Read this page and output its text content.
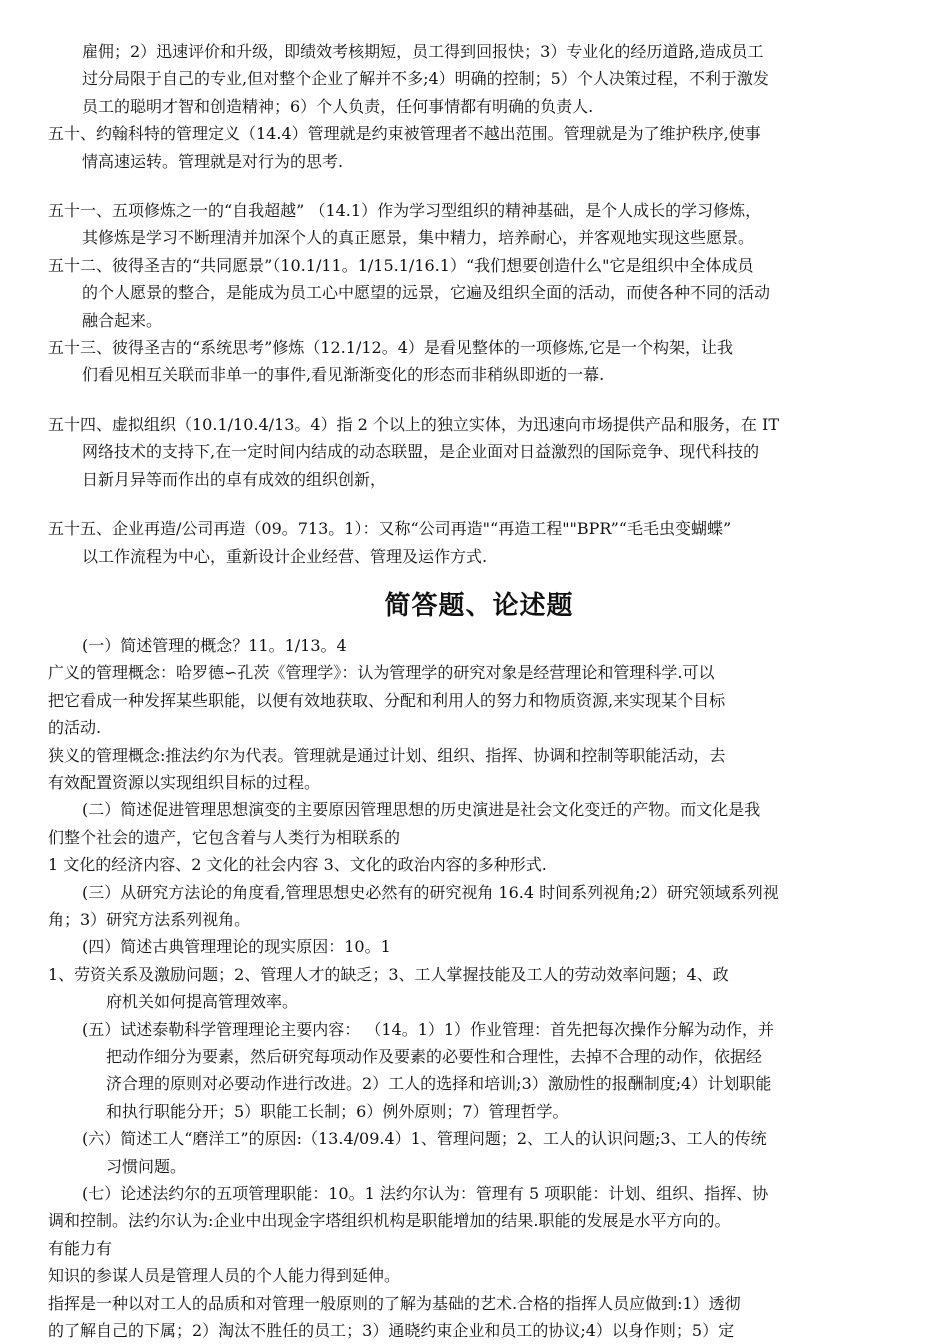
雇佣；2）迅速评价和升级，即绩效考核期短，员工得到回报快；3）专业化的经历道路,造成员工

过分局限于自己的专业,但对整个企业了解并不多;4）明确的控制；5）个人决策过程，不利于激发

员工的聪明才智和创造精神；6）个人负责，任何事情都有明确的负责人.

五十、约翰科特的管理定义（14.4）管理就是约束被管理者不越出范围。管理就是为了维护秩序,使事

情高速运转。管理就是对行为的思考.

五十一、五项修炼之一的“自我超越” （14.1）作为学习型组织的精神基础，是个人成长的学习修炼，

其修炼是学习不断理清并加深个人的真正愿景，集中精力，培养耐心，并客观地实现这些愿景。

五十二、彼得圣吉的“共同愿景”（10.1/11。1/15.1/16.1）“我们想要创造什么"它是组织中全体成员

的个人愿景的整合，是能成为员工心中愿望的远景，它遍及组织全面的活动，而使各种不同的活动

融合起来。

五十三、彼得圣吉的“系统思考”修炼（12.1/12。4）是看见整体的一项修炼,它是一个构架，让我

们看见相互关联而非单一的事件,看见渐渐变化的形态而非稍纵即逝的一幕.

五十四、虚拟组织（10.1/10.4/13。4）指 2 个以上的独立实体，为迅速向市场提供产品和服务，在 IT

网络技术的支持下,在一定时间内结成的动态联盟，是企业面对日益激烈的国际竞争、现代科技的

日新月异等而作出的卓有成效的组织创新，

五十五、企业再造/公司再造（09。713。1）：又称“公司再造"“再造工程""BPR”“毛毛虫变蝴蝶”

以工作流程为中心，重新设计企业经营、管理及运作方式.

简答题、论述题

(一）简述管理的概念？11。1/13。4

广义的管理概念：哈罗德∽孔茨《管理学》：认为管理学的研究对象是经营理论和管理科学.可以

把它看成一种发挥某些职能，以便有效地获取、分配和利用人的努力和物质资源,来实现某个目标

的活动.

狭义的管理概念:推法约尔为代表。管理就是通过计划、组织、指挥、协调和控制等职能活动，去

有效配置资源以实现组织目标的过程。

(二）简述促进管理思想演变的主要原因管理思想的历史演进是社会文化变迁的产物。而文化是我

们整个社会的遗产，它包含着与人类行为相联系的

1 文化的经济内容、2 文化的社会内容 3、文化的政治内容的多种形式.

(三）从研究方法论的角度看,管理思想史必然有的研究视角 16.4 时间系列视角;2）研究领域系列视

角；3）研究方法系列视角。

(四）简述古典管理理论的现实原因：10。1

1、劳资关系及激励问题；2、管理人才的缺乏；3、工人掌握技能及工人的劳动效率问题；4、政

府机关如何提高管理效率。

(五）试述泰勒科学管理理论主要内容： （14。1）1）作业管理：首先把每次操作分解为动作，并

把动作细分为要素，然后研究每项动作及要素的必要性和合理性，去掉不合理的动作，依据经

济合理的原则对必要动作进行改进。2）工人的选择和培训;3）激励性的报酬制度;4）计划职能

和执行职能分开；5）职能工长制；6）例外原则；7）管理哲学。

(六）简述工人“磨洋工”的原因:（13.4/09.4）1、管理问题；2、工人的认识问题;3、工人的传统

习惯问题。

(七）论述法约尔的五项管理职能：10。1 法约尔认为：管理有 5 项职能：计划、组织、指挥、协

调和控制。法约尔认为:企业中出现金字塔组织机构是职能增加的结果.职能的发展是水平方向的。

有能力有

知识的参谋人员是管理人员的个人能力得到延伸。

指挥是一种以对工人的品质和对管理一般原则的了解为基础的艺术.合格的指挥人员应做到:1）透彻

的了解自己的下属；2）淘汰不胜任的员工；3）通晓约束企业和员工的协议;4）以身作则；5）定
